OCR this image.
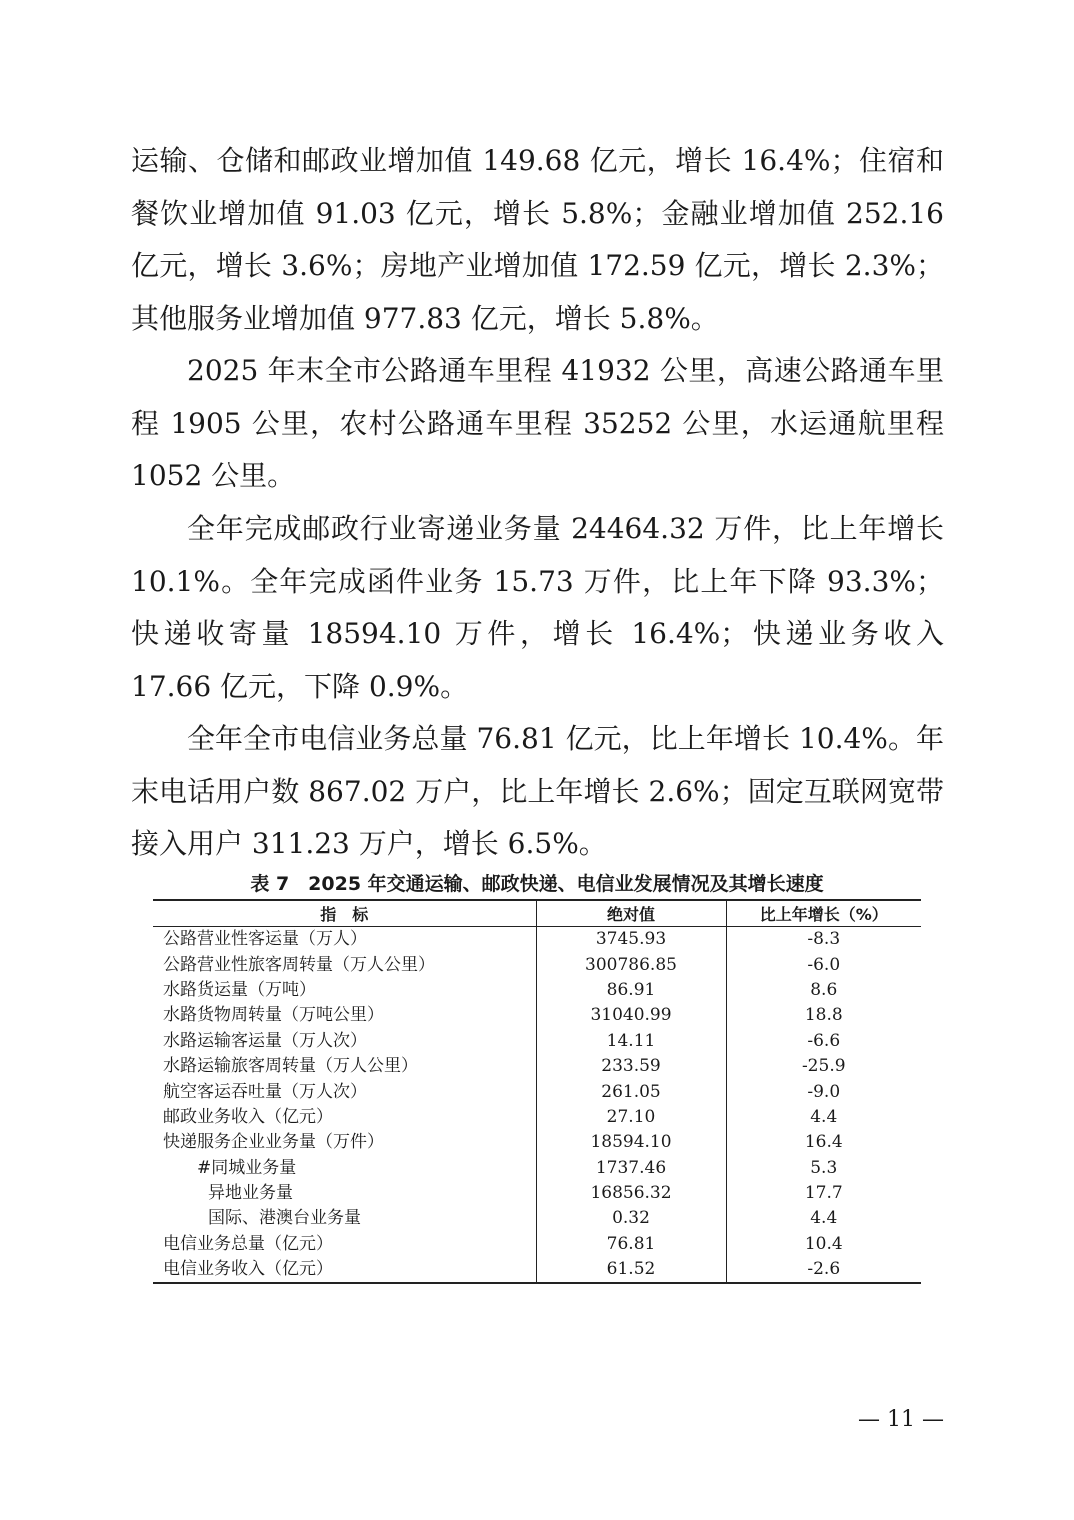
运输、仓储和邮政业增加值 149.68 亿元，增长 16.4%；住宿和餐饮业增加值 91.03 亿元，增长 5.8%；金融业增加值 252.16 亿元，增长 3.6%；房地产业增加值 172.59 亿元，增长 2.3%；其他服务业增加值 977.83 亿元，增长 5.8%。

2025 年末全市公路通车里程 41932 公里，高速公路通车里程 1905 公里，农村公路通车里程 35252 公里，水运通航里程 1052 公里。

全年完成邮政行业寄递业务量 24464.32 万件，比上年增长 10.1%。全年完成函件业务 15.73 万件，比上年下降 93.3%；快递收寄量 18594.10 万件，增长 16.4%；快递业务收入 17.66 亿元，下降 0.9%。

全年全市电信业务总量 76.81 亿元，比上年增长 10.4%。年末电话用户数 867.02 万户，比上年增长 2.6%；固定互联网宽带接入用户 311.23 万户，增长 6.5%。

表 7　2025 年交通运输、邮政快递、电信业发展情况及其增长速度
指　标	绝对值	比上年增长（%）
公路营业性客运量（万人）	3745.93	-8.3
公路营业性旅客周转量（万人公里）	300786.85	-6.0
水路货运量（万吨）	86.91	8.6
水路货物周转量（万吨公里）	31040.99	18.8
水路运输客运量（万人次）	14.11	-6.6
水路运输旅客周转量（万人公里）	233.59	-25.9
航空客运吞吐量（万人次）	261.05	-9.0
邮政业务收入（亿元）	27.10	4.4
快递服务企业业务量（万件）	18594.10	16.4
#同城业务量	1737.46	5.3
异地业务量	16856.32	17.7
国际、港澳台业务量	0.32	4.4
电信业务总量（亿元）	76.81	10.4
电信业务收入（亿元）	61.52	-2.6
— 11 —
